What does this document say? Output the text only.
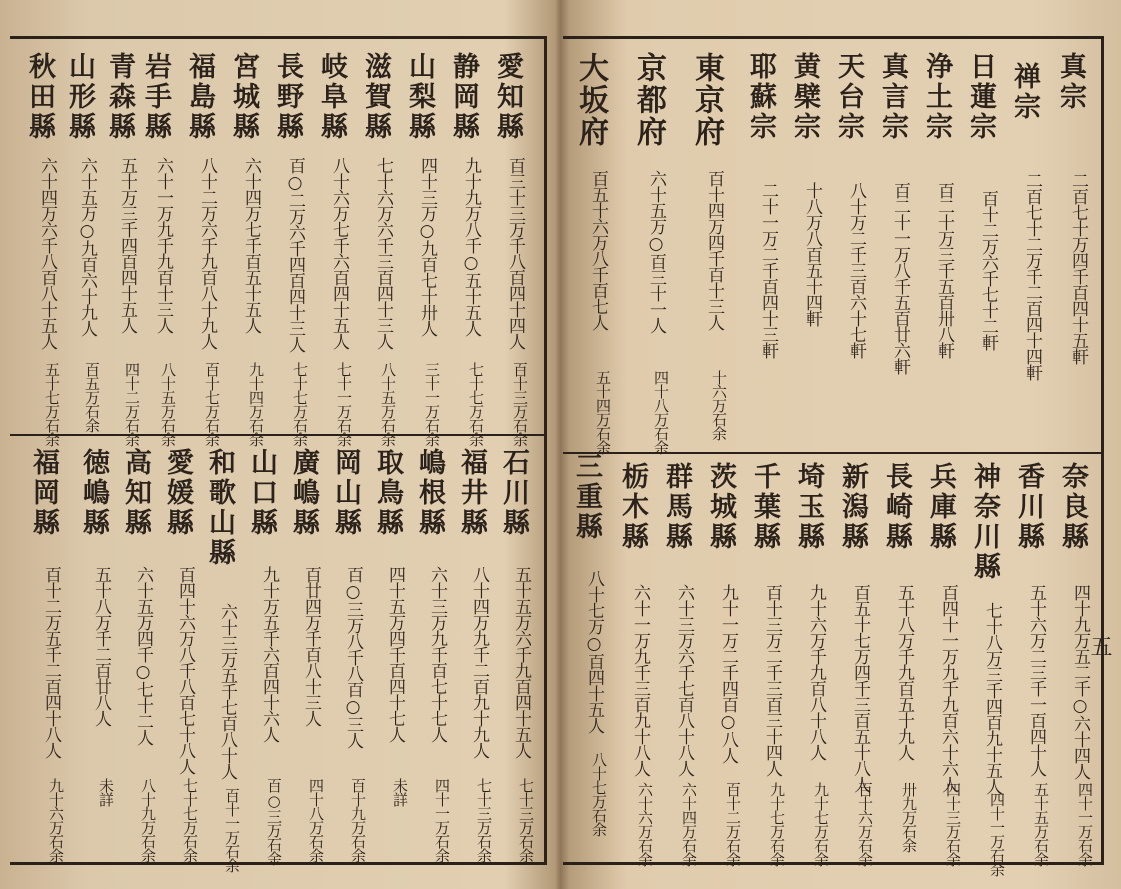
愛知縣
百三十三万千八百四十四人
百十三万石余
静岡縣
九十九万八千○五十五人
七十七万石余
山梨縣
四十三万○九百七十卅人
三十一万石余
滋賀縣
七十六万六千三百四十三人
八十五万石余
岐阜縣
八十六万七千六百四十五人
七十一万石余
長野縣
百○二万六千四百四十三人
七十七万石余
宮城縣
六十四万七千百五十五人
九十四万石余
福島縣
八十二万六千九百八十九人
百十七万石余
岩手縣
六十一万九千九百十三人
八十五万石余
青森縣
五十万三千四百四十五人
四十二万石余
山形縣
六十五万○九百六十九人
百五万石余
秋田縣
六十四万六千八百八十五人
五十七万石余
石川縣
五十五万六千九百四十五人
七十三万石余
福井縣
八十四万九千二百九十九人
七十三万石余
嶋根縣
六十三万九千百七十七人
四十一万石余
取鳥縣
四十五万四千百四十七人
未詳
岡山縣
百○三万八千八百○三人
百十九万石余
廣嶋縣
百廿四万千百八十三人
四十八万石余
山口縣
九十万五千六百四十六人
百○三万石余
和歌山縣
六十三万五千七百八十人
百十一万石余
愛媛縣
百四十六万八千八百七十八人
七十七万石余
高知縣
六十五万四千○七十二人
八十九万石余
徳嶋縣
五十八万千二百廿八人
未詳
福岡縣
百十二万五千二百四十八人
九十六万石余
真宗
二百七十万四千百四十五軒
禅宗
二百七十二万千二百四十四軒
日蓮宗
百十二万六千七十二軒
浄土宗
百二十万三千五百卅八軒
真言宗
百二十一万八千五百廿六軒
天台宗
八十万二千三百六十七軒
黄檗宗
十八万八百五十四軒
耶蘇宗
二十一万二千百四十三軒
東京府
百十四万四千百十三人
十六万石余
京都府
六十五万○百三十一人
四十八万石余
大坂府
百五十六万八千百七人
五十四万石余
奈良縣
四十九万五二千○六十四人
四十一万石余
香川縣
五十六万二三千一百四十人
五十五万石余
神奈川縣
七十八万三千四百九十五人
四十一万石余
兵庫縣
百四十一万九千九百六十六人
四十三万石余
長崎縣
五十八万千九百五十九人
卅九万石余
新潟縣
百五十七万四千三百五十八人
百十六万石余
埼玉縣
九十六万千九百八十八人
九十七万石余
千葉縣
百十三万二千三百三十四人
九十七万石余
茨城縣
九十一万二千四百○八人
百十二万石余
群馬縣
六十三万六千七百八十八人
六十四万石余
栃木縣
六十一万九千三百九十八人
六十六万石余
三重縣
八十七万○百四十五人
八十七万石余
五
